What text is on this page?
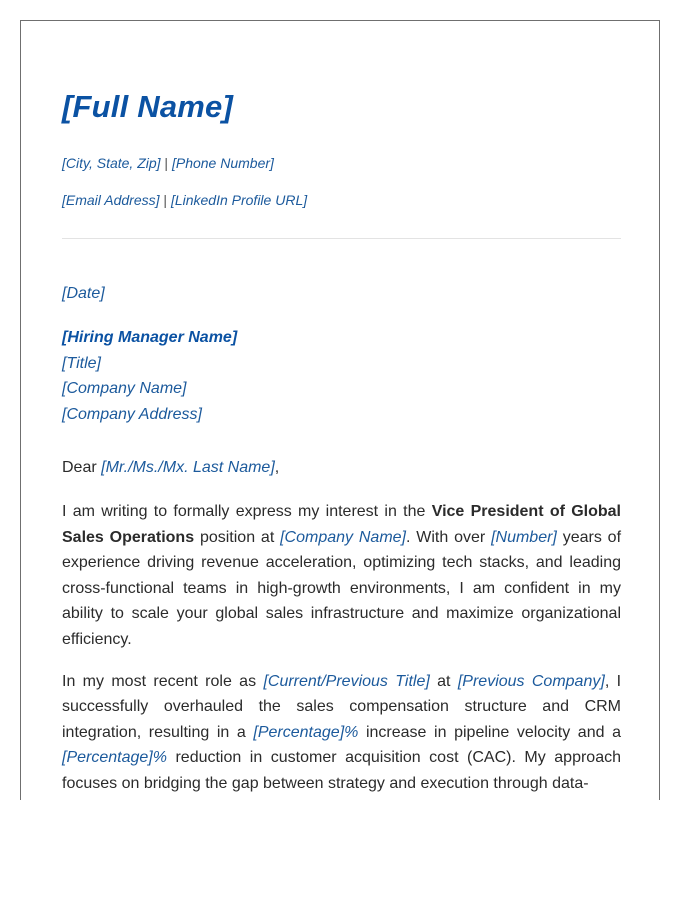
[Full Name]
[City, State, Zip] | [Phone Number]
[Email Address] | [LinkedIn Profile URL]
[Date]
[Hiring Manager Name]
[Title]
[Company Name]
[Company Address]
Dear [Mr./Ms./Mx. Last Name],

I am writing to formally express my interest in the Vice President of Global Sales Operations position at [Company Name]. With over [Number] years of experience driving revenue acceleration, optimizing tech stacks, and leading cross-functional teams in high-growth environments, I am confident in my ability to scale your global sales infrastructure and maximize organizational efficiency.

In my most recent role as [Current/Previous Title] at [Previous Company], I successfully overhauled the sales compensation structure and CRM integration, resulting in a [Percentage]% increase in pipeline velocity and a [Percentage]% reduction in customer acquisition cost (CAC). My approach focuses on bridging the gap between strategy and execution through data-
